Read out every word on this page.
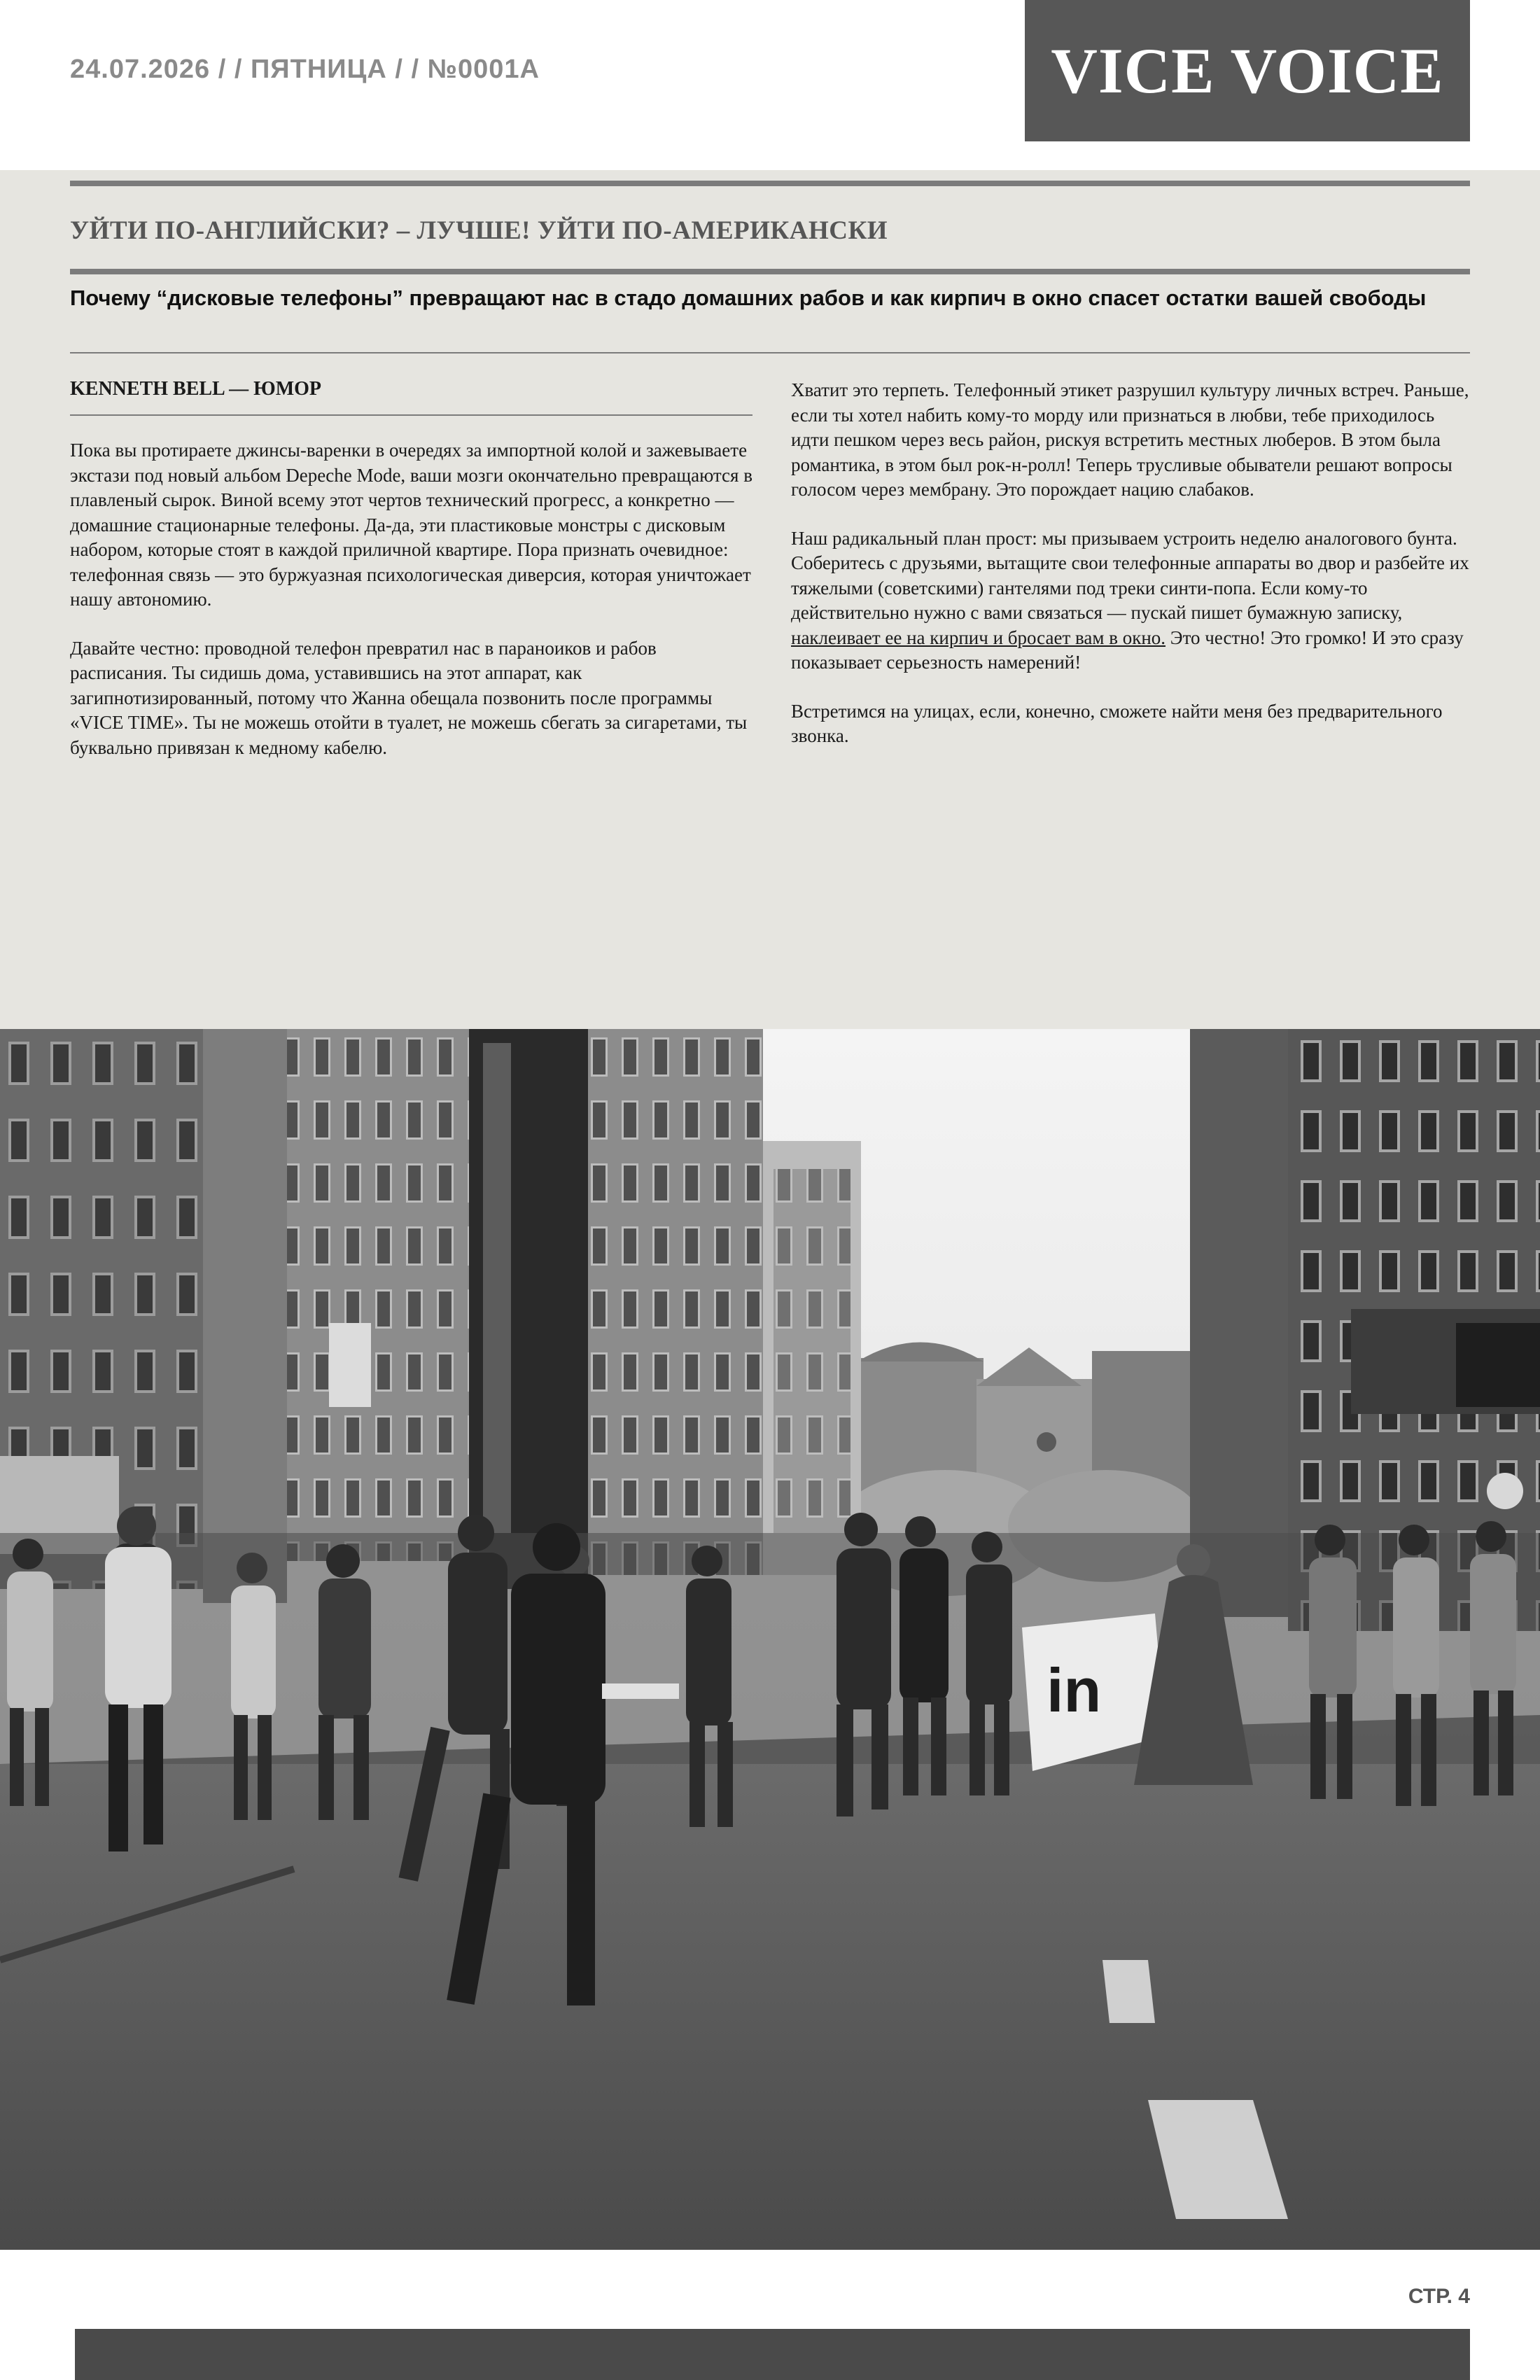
24.07.2026 / / ПЯТНИЦА / / №0001А	VICE VOICE
УЙТИ ПО-АНГЛИЙСКИ? – ЛУЧШЕ! УЙТИ ПО-АМЕРИКАНСКИ
Почему “дисковые телефоны” превращают нас в стадо домашних рабов и как кирпич в окно спасет остатки вашей свободы
KENNETH BELL — ЮМОР

Пока вы протираете джинсы-варенки в очередях за импортной колой и зажевываете экстази под новый альбом Depeche Mode, ваши мозги окончательно превращаются в плавленый сырок. Виной всему этот чертов технический прогресс, а конкретно — домашние стационарные телефоны. Да-да, эти пластиковые монстры с дисковым набором, которые стоят в каждой приличной квартире. Пора признать очевидное: телефонная связь — это буржуазная психологическая диверсия, которая уничтожает нашу автономию.

Давайте честно: проводной телефон превратил нас в параноиков и рабов расписания. Ты сидишь дома, уставившись на этот аппарат, как загипнотизированный, потому что Жанна обещала позвонить после программы «VICE TIME». Ты не можешь отойти в туалет, не можешь сбегать за сигаретами, ты буквально привязан к медному кабелю.

Хватит это терпеть. Телефонный этикет разрушил культуру личных встреч. Раньше, если ты хотел набить кому-то морду или признаться в любви, тебе приходилось идти пешком через весь район, рискуя встретить местных люберов. В этом была романтика, в этом был рок-н-ролл! Теперь трусливые обыватели решают вопросы голосом через мембрану. Это порождает нацию слабаков.

Наш радикальный план прост: мы призываем устроить неделю аналогового бунта. Соберитесь с друзьями, вытащите свои телефонные аппараты во двор и разбейте их тяжелыми (советскими) гантелями под треки синти-попа. Если кому-то действительно нужно с вами связаться — пускай пишет бумажную записку, наклеивает ее на кирпич и бросает вам в окно. Это честно! Это громко! И это сразу показывает серьезность намерений!

Встретимся на улицах, если, конечно, сможете найти меня без предварительного звонка.

in
СТР. 4
